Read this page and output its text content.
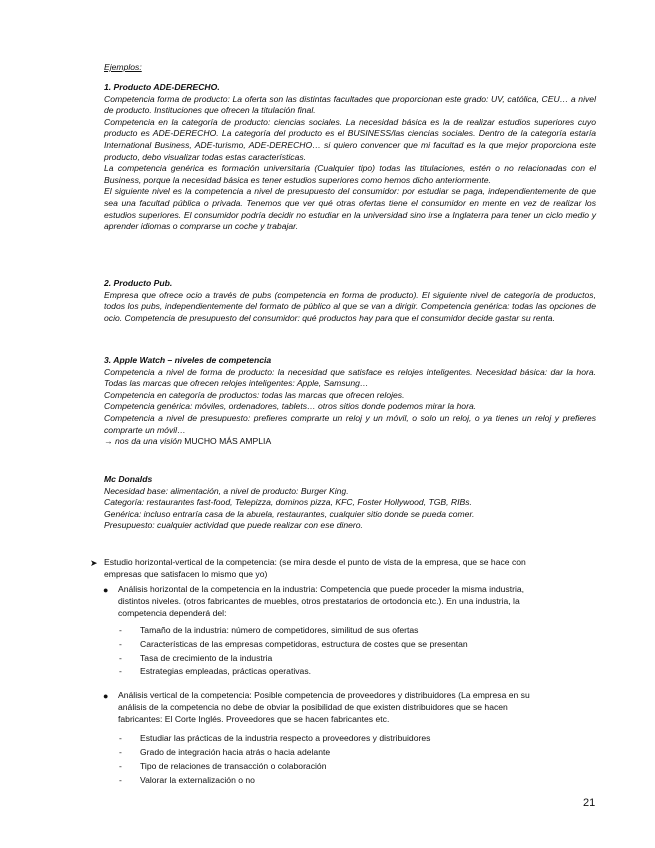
Ejemplos:

1. Producto ADE-DERECHO.

Competencia forma de producto: La oferta son las distintas facultades que proporcionan este grado: UV, católica, CEU… a nivel de producto. Instituciones que ofrecen la titulación final.

Competencia en la categoría de producto: ciencias sociales. La necesidad básica es la de realizar estudios superiores cuyo producto es ADE-DERECHO. La categoría del producto es el BUSINESS/las ciencias sociales. Dentro de la categoría estaría International Business, ADE-turismo, ADE-DERECHO… si quiero convencer que mi facultad es la que mejor proporciona este producto, debo visualizar todas estas características.

La competencia genérica es formación universitaria (Cualquier tipo) todas las titulaciones, estén o no relacionadas con el Business, porque la necesidad básica es tener estudios superiores como hemos dicho anteriormente.

El siguiente nivel es la competencia a nivel de presupuesto del consumidor: por estudiar se paga, independientemente de que sea una facultad pública o privada. Tenemos que ver qué otras ofertas tiene el consumidor en mente en vez de realizar los estudios superiores. El consumidor podría decidir no estudiar en la universidad sino irse a Inglaterra para tener un ciclo medio y aprender idiomas o comprarse un coche y trabajar.

2. Producto Pub.

Empresa que ofrece ocio a través de pubs (competencia en forma de producto). El siguiente nivel de categoría de productos, todos los pubs, independientemente del formato de público al que se van a dirigir. Competencia genérica: todas las opciones de ocio. Competencia de presupuesto del consumidor: qué productos hay para que el consumidor decide gastar su renta.

3. Apple Watch – niveles de competencia

Competencia a nivel de forma de producto: la necesidad que satisface es relojes inteligentes. Necesidad básica: dar la hora. Todas las marcas que ofrecen relojes inteligentes: Apple, Samsung…

Competencia en categoría de productos: todas las marcas que ofrecen relojes.

Competencia genérica: móviles, ordenadores, tablets… otros sitios donde podemos mirar la hora.

Competencia a nivel de presupuesto: prefieres comprarte un reloj y un móvil, o solo un reloj, o ya tienes un reloj y prefieres comprarte un móvil…

→ nos da una visión MUCHO MÁS AMPLIA

Mc Donalds

Necesidad base: alimentación, a nivel de producto: Burger King.

Categoría: restaurantes fast-food, Telepizza, dominos pizza, KFC, Foster Hollywood, TGB, RIBs.

Genérica: incluso entraría casa de la abuela, restaurantes, cualquier sitio donde se pueda comer.

Presupuesto: cualquier actividad que puede realizar con ese dinero.

➤ Estudio horizontal-vertical de la competencia: (se mira desde el punto de vista de la empresa, que se hace con

empresas que satisfacen lo mismo que yo)

● Análisis horizontal de la competencia en la industria: Competencia que puede proceder la misma industria,

distintos niveles. (otros fabricantes de muebles, otros prestatarios de ortodoncia etc.). En una industria, la

competencia dependerá del:

- Tamaño de la industria: número de competidores, similitud de sus ofertas
- Características de las empresas competidoras, estructura de costes que se presentan
- Tasa de crecimiento de la industria
- Estrategias empleadas, prácticas operativas.
● Análisis vertical de la competencia: Posible competencia de proveedores y distribuidores (La empresa en su

análisis de la competencia no debe de obviar la posibilidad de que existen distribuidores que se hacen

fabricantes: El Corte Inglés. Proveedores que se hacen fabricantes etc.

- Estudiar las prácticas de la industria respecto a proveedores y distribuidores
- Grado de integración hacia atrás o hacia adelante
- Tipo de relaciones de transacción o colaboración
- Valorar la externalización o no
21
